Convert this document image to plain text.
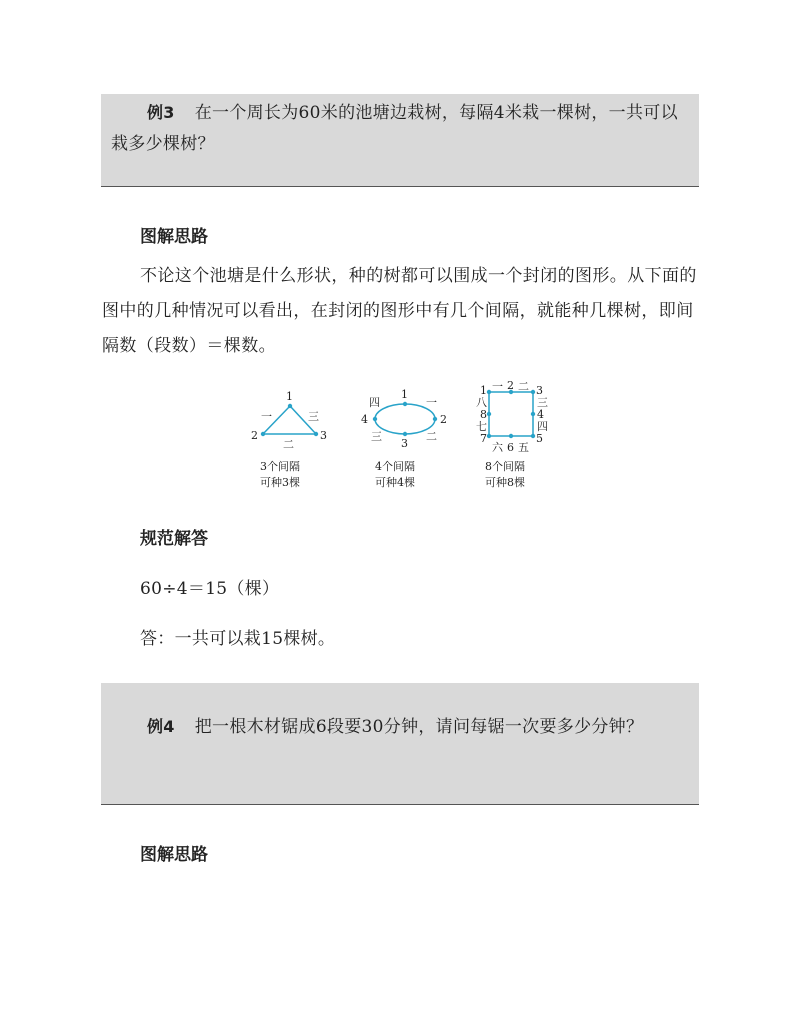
例3 在一个周长为60米的池塘边栽树，每隔4米栽一棵树，一共可以栽多少棵树？

图解思路

不论这个池塘是什么形状，种的树都可以围成一个封闭的图形。从下面的图中的几种情况可以看出，在封闭的图形中有几个间隔，就能种几棵树，即间隔数（段数）＝棵数。

1
2	3
一
二
三
3个间隔
可种3棵
1
2
3
4
一
二
三
四
4个间隔
可种4棵
1 2 3
4
5
6
7
8
一 二
三
四
五
六
七
八
8个间隔
可种8棵
规范解答

60÷4＝15（棵）

答：一共可以栽15棵树。

例4 把一根木材锯成6段要30分钟，请问每锯一次要多少分钟？

图解思路
